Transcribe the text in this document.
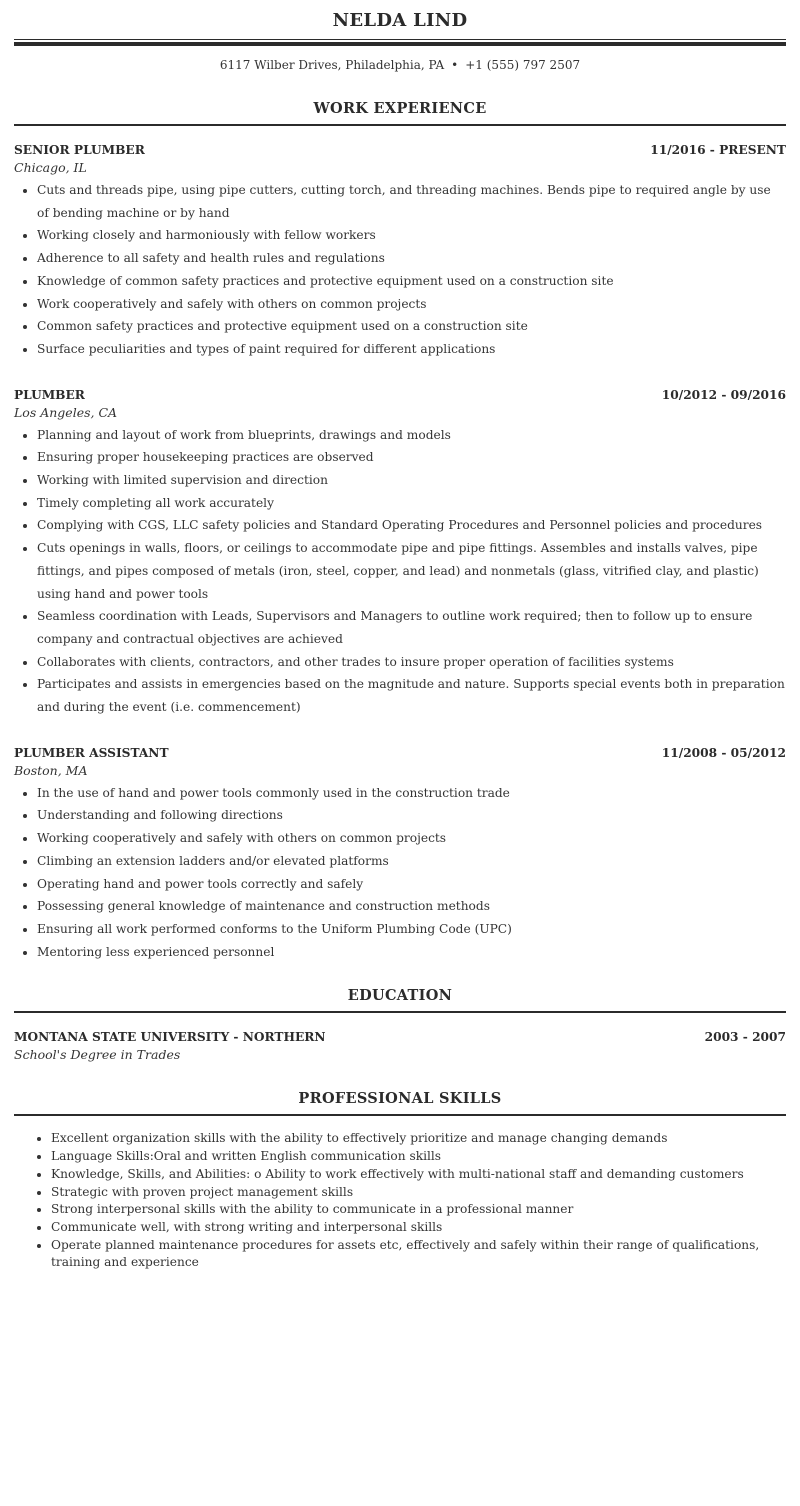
NELDA LIND
6117 Wilber Drives, Philadelphia, PA • +1 (555) 797 2507
WORK EXPERIENCE
SENIOR PLUMBER	11/2016 - PRESENT
Chicago, IL
• Cuts and threads pipe, using pipe cutters, cutting torch, and threading machines. Bends pipe to required angle by use of bending machine or by hand
• Working closely and harmoniously with fellow workers
• Adherence to all safety and health rules and regulations
• Knowledge of common safety practices and protective equipment used on a construction site
• Work cooperatively and safely with others on common projects
• Common safety practices and protective equipment used on a construction site
• Surface peculiarities and types of paint required for different applications
PLUMBER	10/2012 - 09/2016
Los Angeles, CA
• Planning and layout of work from blueprints, drawings and models
• Ensuring proper housekeeping practices are observed
• Working with limited supervision and direction
• Timely completing all work accurately
• Complying with CGS, LLC safety policies and Standard Operating Procedures and Personnel policies and procedures
• Cuts openings in walls, floors, or ceilings to accommodate pipe and pipe fittings. Assembles and installs valves, pipe fittings, and pipes composed of metals (iron, steel, copper, and lead) and nonmetals (glass, vitrified clay, and plastic) using hand and power tools
• Seamless coordination with Leads, Supervisors and Managers to outline work required; then to follow up to ensure company and contractual objectives are achieved
• Collaborates with clients, contractors, and other trades to insure proper operation of facilities systems
• Participates and assists in emergencies based on the magnitude and nature. Supports special events both in preparation and during the event (i.e. commencement)
PLUMBER ASSISTANT	11/2008 - 05/2012
Boston, MA
• In the use of hand and power tools commonly used in the construction trade
• Understanding and following directions
• Working cooperatively and safely with others on common projects
• Climbing an extension ladders and/or elevated platforms
• Operating hand and power tools correctly and safely
• Possessing general knowledge of maintenance and construction methods
• Ensuring all work performed conforms to the Uniform Plumbing Code (UPC)
• Mentoring less experienced personnel
EDUCATION
MONTANA STATE UNIVERSITY - NORTHERN	2003 - 2007
School's Degree in Trades
PROFESSIONAL SKILLS
• Excellent organization skills with the ability to effectively prioritize and manage changing demands
• Language Skills:Oral and written English communication skills
• Knowledge, Skills, and Abilities: o Ability to work effectively with multi-national staff and demanding customers
• Strategic with proven project management skills
• Strong interpersonal skills with the ability to communicate in a professional manner
• Communicate well, with strong writing and interpersonal skills
• Operate planned maintenance procedures for assets etc, effectively and safely within their range of qualifications, training and experience
